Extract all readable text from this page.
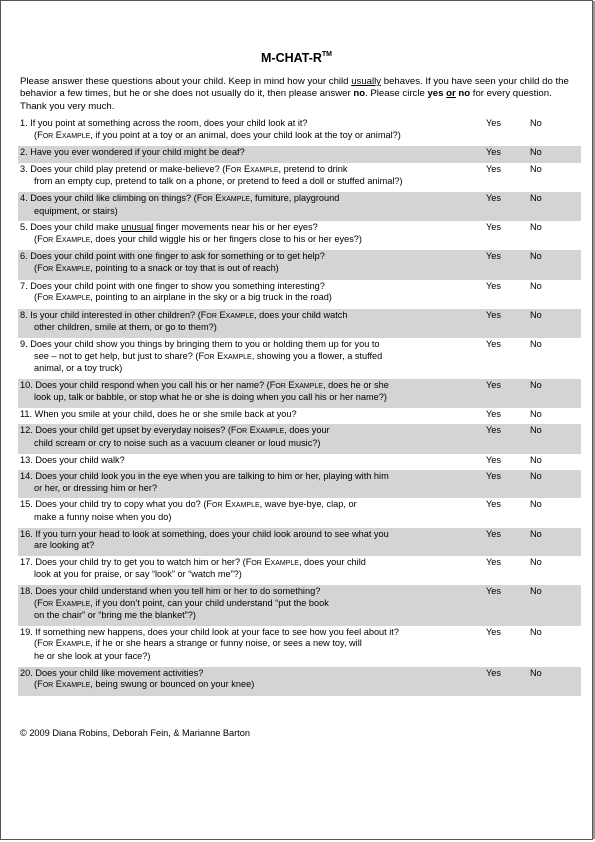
M-CHAT-R™
Please answer these questions about your child. Keep in mind how your child usually behaves. If you have seen your child do the behavior a few times, but he or she does not usually do it, then please answer no. Please circle yes or no for every question. Thank you very much.
1. If you point at something across the room, does your child look at it?
(FOR EXAMPLE, if you point at a toy or an animal, does your child look at the toy or animal?)
Yes	No
2. Have you ever wondered if your child might be deaf?	Yes	No
3. Does your child play pretend or make-believe? (FOR EXAMPLE, pretend to drink
from an empty cup, pretend to talk on a phone, or pretend to feed a doll or stuffed animal?)
Yes	No
4. Does your child like climbing on things? (FOR EXAMPLE, furniture, playground
equipment, or stairs)
Yes	No
5. Does your child make unusual finger movements near his or her eyes?
(FOR EXAMPLE, does your child wiggle his or her fingers close to his or her eyes?)
Yes	No
6. Does your child point with one finger to ask for something or to get help?
(FOR EXAMPLE, pointing to a snack or toy that is out of reach)
Yes	No
7. Does your child point with one finger to show you something interesting?
(FOR EXAMPLE, pointing to an airplane in the sky or a big truck in the road)
Yes	No
8. Is your child interested in other children? (FOR EXAMPLE, does your child watch
other children, smile at them, or go to them?)
Yes	No
9. Does your child show you things by bringing them to you or holding them up for you to
see – not to get help, but just to share? (FOR EXAMPLE, showing you a flower, a stuffed
animal, or a toy truck)
Yes	No
10. Does your child respond when you call his or her name? (FOR EXAMPLE, does he or she
look up, talk or babble, or stop what he or she is doing when you call his or her name?)
Yes	No
11. When you smile at your child, does he or she smile back at you?	Yes	No
12. Does your child get upset by everyday noises? (FOR EXAMPLE, does your
child scream or cry to noise such as a vacuum cleaner or loud music?)
Yes	No
13. Does your child walk?	Yes	No
14. Does your child look you in the eye when you are talking to him or her, playing with him
or her, or dressing him or her?
Yes	No
15. Does your child try to copy what you do? (FOR EXAMPLE, wave bye-bye, clap, or
make a funny noise when you do)
Yes	No
16. If you turn your head to look at something, does your child look around to see what you
are looking at?
Yes	No
17. Does your child try to get you to watch him or her? (FOR EXAMPLE, does your child
look at you for praise, or say “look” or “watch me”?)
Yes	No
18. Does your child understand when you tell him or her to do something?
(FOR EXAMPLE, if you don’t point, can your child understand “put the book
on the chair” or “bring me the blanket”?)
Yes	No
19. If something new happens, does your child look at your face to see how you feel about it?
(FOR EXAMPLE, if he or she hears a strange or funny noise, or sees a new toy, will
he or she look at your face?)
Yes	No
20. Does your child like movement activities?
(FOR EXAMPLE, being swung or bounced on your knee)
Yes	No
© 2009 Diana Robins, Deborah Fein, & Marianne Barton
